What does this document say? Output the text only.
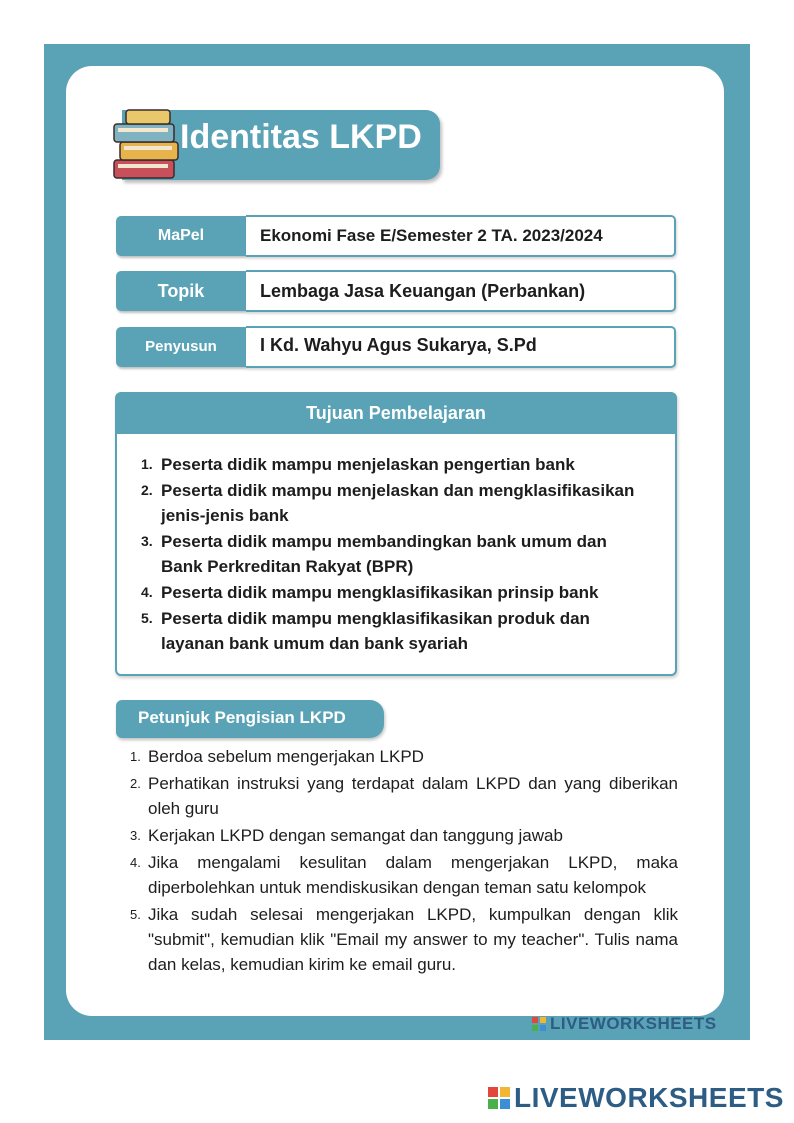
Identitas LKPD
MaPel	Ekonomi Fase E/Semester 2 TA. 2023/2024
Topik	Lembaga Jasa Keuangan (Perbankan)
Penyusun	I Kd. Wahyu Agus Sukarya, S.Pd
Tujuan Pembelajaran
1. Peserta didik mampu menjelaskan pengertian bank
2. Peserta didik mampu menjelaskan dan mengklasifikasikan jenis-jenis bank
3. Peserta didik mampu membandingkan bank umum dan Bank Perkreditan Rakyat (BPR)
4. Peserta didik mampu mengklasifikasikan prinsip bank
5. Peserta didik mampu mengklasifikasikan produk dan layanan bank umum dan bank syariah
Petunjuk Pengisian LKPD
1. Berdoa sebelum mengerjakan LKPD
2. Perhatikan instruksi yang terdapat dalam LKPD dan yang diberikan oleh guru
3. Kerjakan LKPD dengan semangat dan tanggung jawab
4. Jika mengalami kesulitan dalam mengerjakan LKPD, maka diperbolehkan untuk mendiskusikan dengan teman satu kelompok
5. Jika sudah selesai mengerjakan LKPD, kumpulkan dengan klik "submit", kemudian klik "Email my answer to my teacher". Tulis nama dan kelas, kemudian kirim ke email guru.
LIVEWORKSHEETS
LIVEWORKSHEETS
